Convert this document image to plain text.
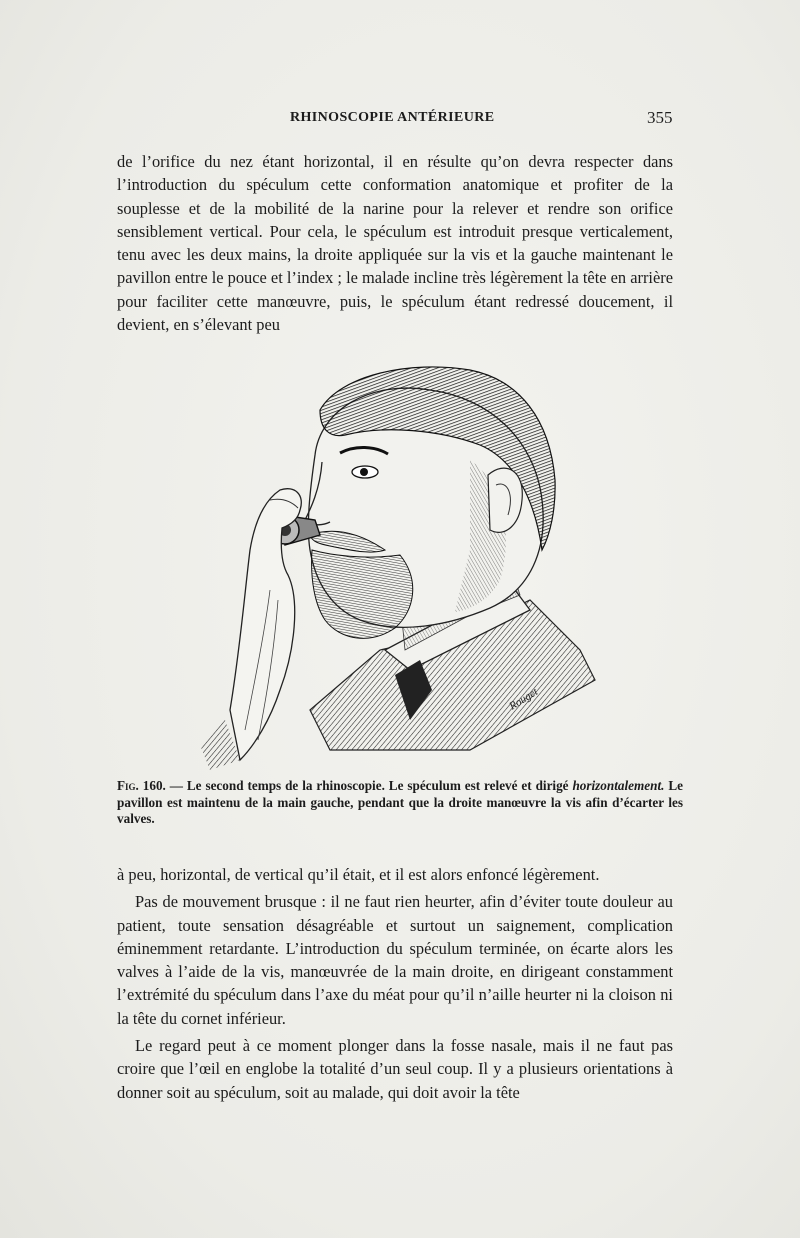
RHINOSCOPIE ANTÉRIEURE	355

de l’orifice du nez étant horizontal, il en résulte qu’on devra respecter dans l’introduction du spéculum cette conformation anatomique et profiter de la souplesse et de la mobilité de la narine pour la relever et rendre son orifice sensiblement vertical. Pour cela, le spéculum est introduit presque verticalement, tenu avec les deux mains, la droite appliquée sur la vis et la gauche maintenant le pavillon entre le pouce et l’index ; le malade incline très légèrement la tête en arrière pour faciliter cette manœuvre, puis, le spéculum étant redressé doucement, il devient, en s’élevant peu

Rouget
Fig. 160. — Le second temps de la rhinoscopie. Le spéculum est relevé et dirigé horizontalement. Le pavillon est maintenu de la main gauche, pendant que la droite manœuvre la vis afin d’écarter les valves.

à peu, horizontal, de vertical qu’il était, et il est alors enfoncé légèrement.

Pas de mouvement brusque : il ne faut rien heurter, afin d’éviter toute douleur au patient, toute sensation désagréable et surtout un saignement, complication éminemment retardante. L’introduction du spéculum terminée, on écarte alors les valves à l’aide de la vis, manœuvrée de la main droite, en dirigeant constamment l’extrémité du spéculum dans l’axe du méat pour qu’il n’aille heurter ni la cloison ni la tête du cornet inférieur.

Le regard peut à ce moment plonger dans la fosse nasale, mais il ne faut pas croire que l’œil en englobe la totalité d’un seul coup. Il y a plusieurs orientations à donner soit au spéculum, soit au malade, qui doit avoir la tête
